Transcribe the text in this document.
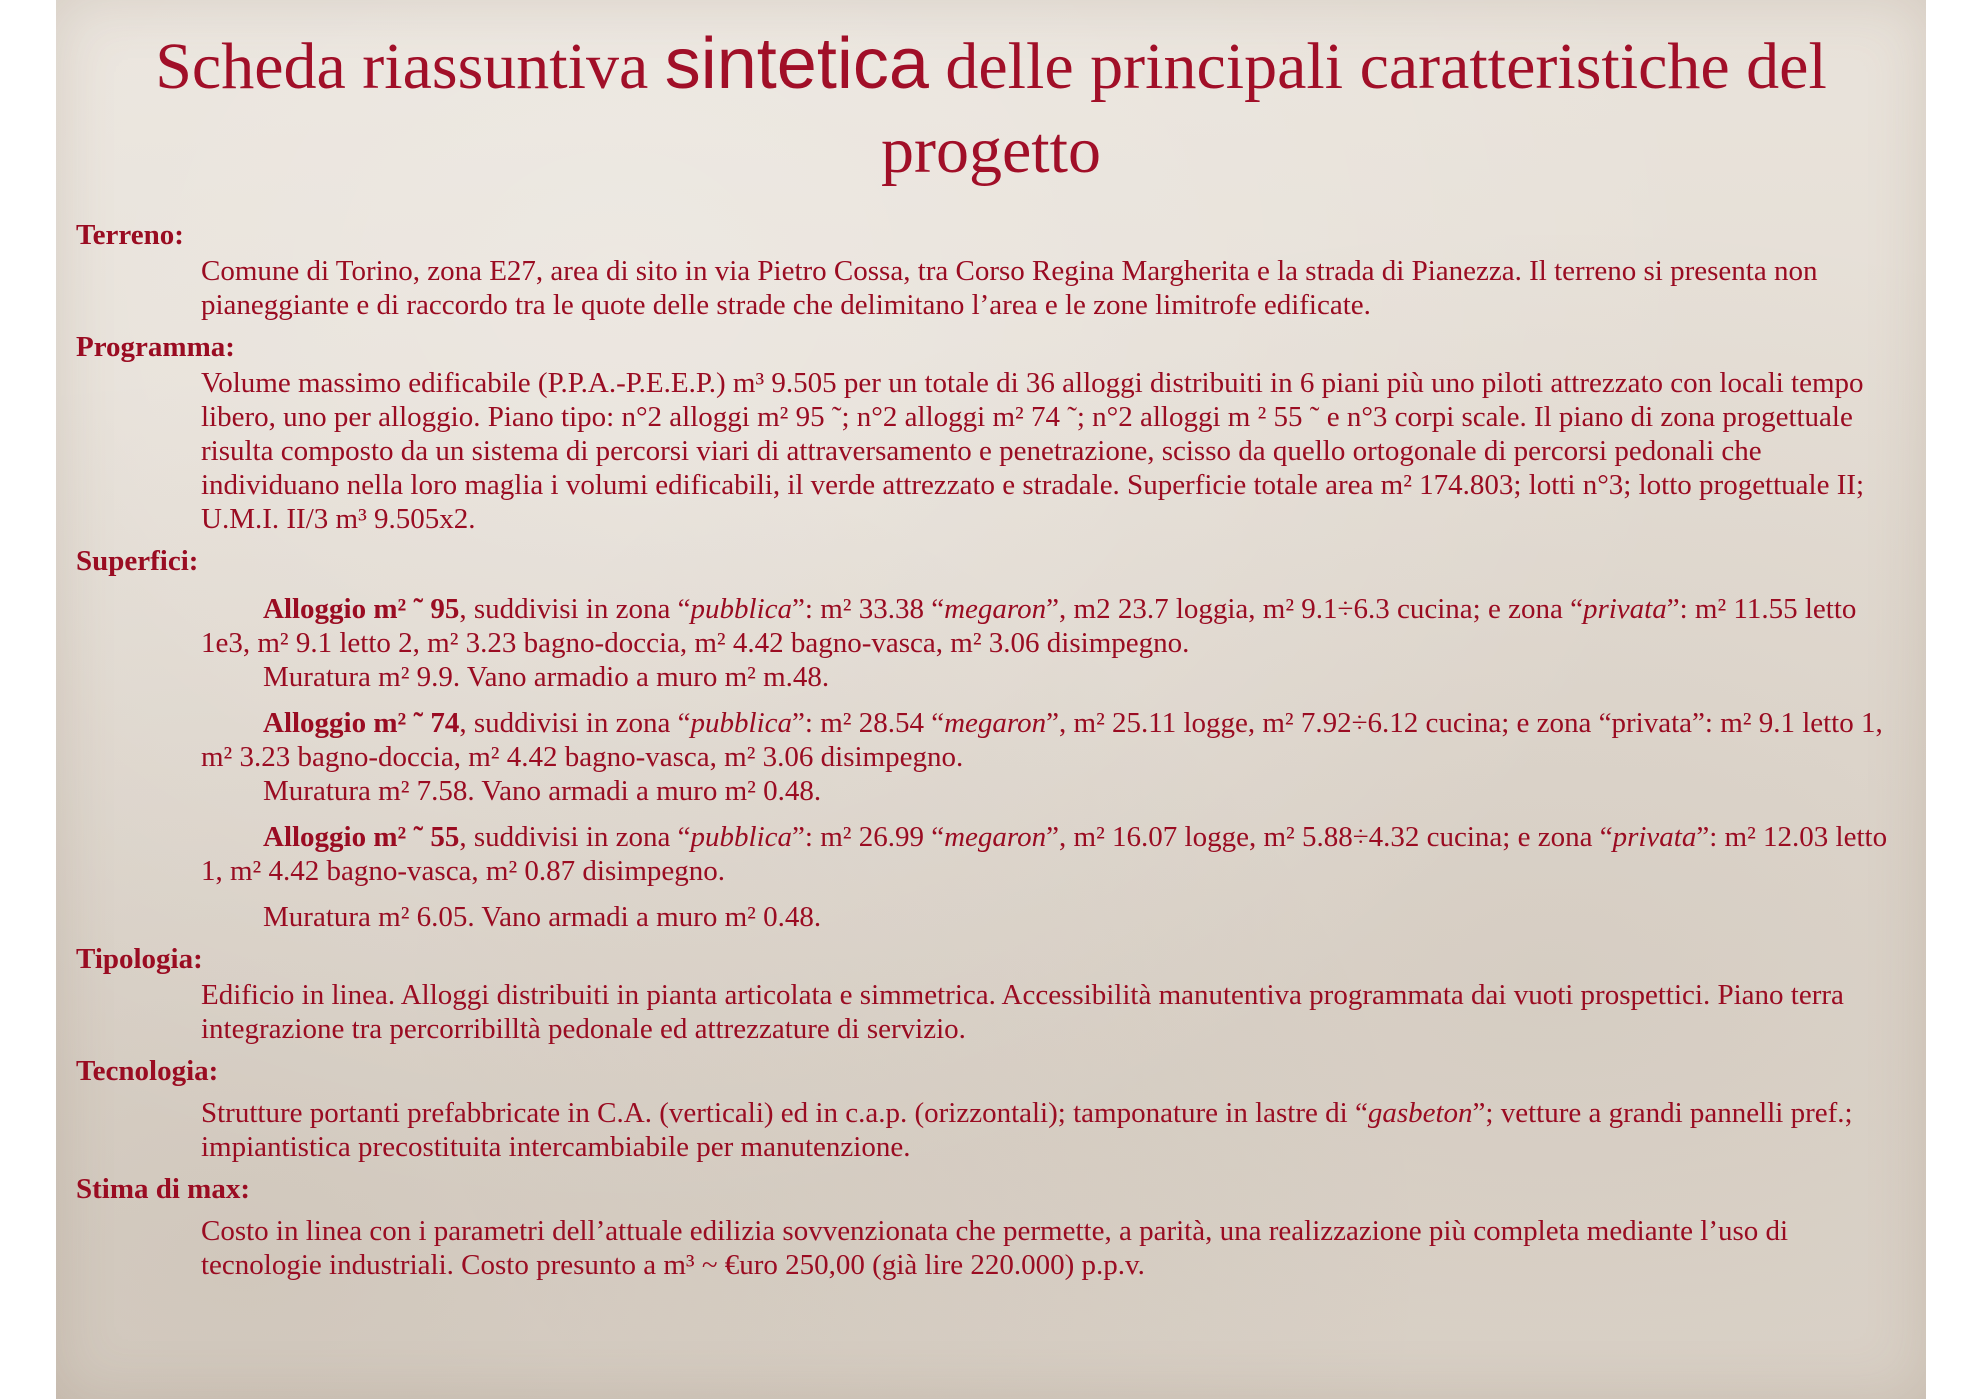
Scheda riassuntiva sintetica delle principali caratteristiche del
progetto
Terreno:

Comune di Torino, zona E27, area di sito in via Pietro Cossa, tra Corso Regina Margherita e la strada di Pianezza. Il terreno si presenta non pianeggiante e di raccordo tra le quote delle strade che delimitano l’area e le zone limitrofe edificate.

Programma:

Volume massimo edificabile (P.P.A.-P.E.E.P.) m³ 9.505 per un totale di 36 alloggi distribuiti in 6 piani più uno piloti attrezzato con locali tempo libero, uno per alloggio. Piano tipo: n°2 alloggi m² 95 ˜; n°2 alloggi m² 74 ˜; n°2 alloggi m ² 55 ˜ e n°3 corpi scale. Il piano di zona progettuale risulta composto da un sistema di percorsi viari di attraversamento e penetrazione, scisso da quello ortogonale di percorsi pedonali che individuano nella loro maglia i volumi edificabili, il verde attrezzato e stradale. Superficie totale area m² 174.803; lotti n°3; lotto progettuale II; U.M.I. II/3 m³ 9.505x2.

Superfici:

Alloggio m² ˜ 95, suddivisi in zona “pubblica”: m² 33.38 “megaron”, m2 23.7 loggia, m² 9.1÷6.3 cucina; e zona “privata”: m² 11.55 letto 1e3, m² 9.1 letto 2, m² 3.23 bagno-doccia, m² 4.42 bagno-vasca, m² 3.06 disimpegno.

Muratura m² 9.9. Vano armadio a muro m² m.48.

Alloggio m² ˜ 74, suddivisi in zona “pubblica”: m² 28.54 “megaron”, m² 25.11 logge, m² 7.92÷6.12 cucina; e zona “privata”: m² 9.1 letto 1, m² 3.23 bagno-doccia, m² 4.42 bagno-vasca, m² 3.06 disimpegno.

Muratura m² 7.58. Vano armadi a muro m² 0.48.

Alloggio m² ˜ 55, suddivisi in zona “pubblica”: m² 26.99 “megaron”, m² 16.07 logge, m² 5.88÷4.32 cucina; e zona “privata”: m² 12.03 letto 1, m² 4.42 bagno-vasca, m² 0.87 disimpegno.

Muratura m² 6.05. Vano armadi a muro m² 0.48.

Tipologia:

Edificio in linea. Alloggi distribuiti in pianta articolata e simmetrica. Accessibilità manutentiva programmata dai vuoti prospettici. Piano terra integrazione tra percorribilltà pedonale ed attrezzature di servizio.

Tecnologia:

Strutture portanti prefabbricate in C.A. (verticali) ed in c.a.p. (orizzontali); tamponature in lastre di “gasbeton”; vetture a grandi pannelli pref.; impiantistica precostituita intercambiabile per manutenzione.

Stima di max:

Costo in linea con i parametri dell’attuale edilizia sovvenzionata che permette, a parità, una realizzazione più completa mediante l’uso di tecnologie industriali. Costo presunto a m³ ~ €uro 250,00 (già lire 220.000) p.p.v.
